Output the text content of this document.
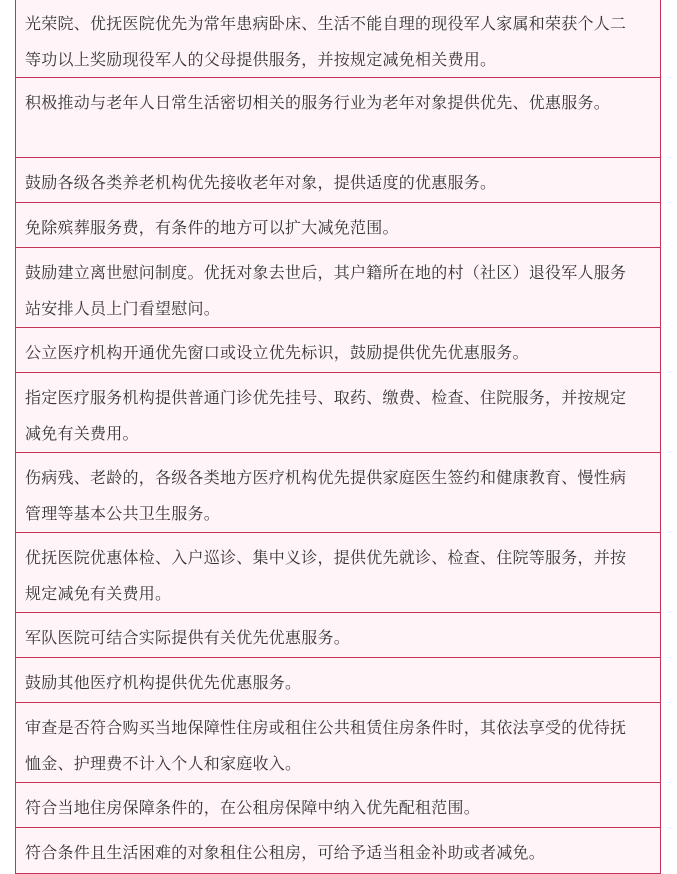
光荣院、优抚医院优先为常年患病卧床、生活不能自理的现役军人家属和荣获个人二等功以上奖励现役军人的父母提供服务，并按规定减免相关费用。
积极推动与老年人日常生活密切相关的服务行业为老年对象提供优先、优惠服务。
鼓励各级各类养老机构优先接收老年对象，提供适度的优惠服务。
免除殡葬服务费，有条件的地方可以扩大减免范围。
鼓励建立离世慰问制度。优抚对象去世后，其户籍所在地的村（社区）退役军人服务站安排人员上门看望慰问。
公立医疗机构开通优先窗口或设立优先标识，鼓励提供优先优惠服务。
指定医疗服务机构提供普通门诊优先挂号、取药、缴费、检查、住院服务，并按规定减免有关费用。
伤病残、老龄的，各级各类地方医疗机构优先提供家庭医生签约和健康教育、慢性病管理等基本公共卫生服务。
优抚医院优惠体检、入户巡诊、集中义诊，提供优先就诊、检查、住院等服务，并按规定减免有关费用。
军队医院可结合实际提供有关优先优惠服务。
鼓励其他医疗机构提供优先优惠服务。
审查是否符合购买当地保障性住房或租住公共租赁住房条件时，其依法享受的优待抚恤金、护理费不计入个人和家庭收入。
符合当地住房保障条件的，在公租房保障中纳入优先配租范围。
符合条件且生活困难的对象租住公租房，可给予适当租金补助或者减免。
